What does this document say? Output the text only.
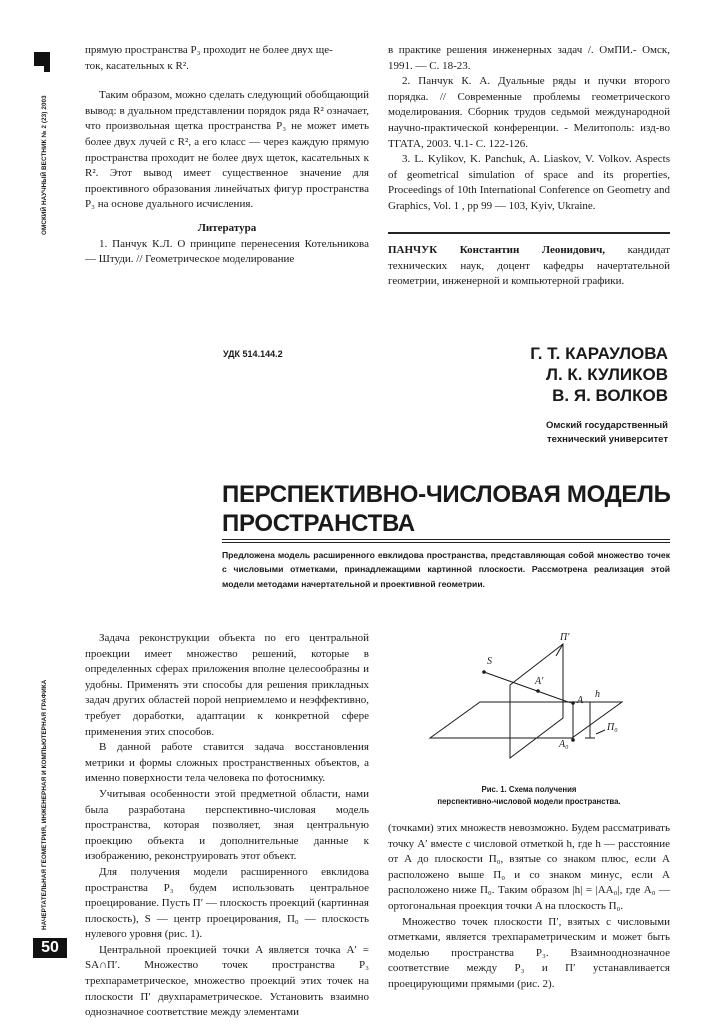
ОМСКИЙ НАУЧНЫЙ ВЕСТНИК № 2 (23) 2003
НАЧЕРТАТЕЛЬНАЯ ГЕОМЕТРИЯ, ИНЖЕНЕРНАЯ И КОМПЬЮТЕРНАЯ ГРАФИКА
50
прямую пространства P₃ проходит не более двух ще-
ток, касательных к R².

Таким образом, можно сделать следующий обобщающий вывод: в дуальном представлении порядок ряда R² означает, что произвольная щетка пространства P₃ не может иметь более двух лучей с R², а его класс — через каждую прямую пространства проходит не более двух щеток, касательных к R². Этот вывод имеет существенное значение для проективного образования линейчатых фигур пространства P₃ на основе дуального исчисления.

Литература

1. Панчук К.Л. О принципе перенесения Котельникова — Штуди. // Геометрическое моделирование

в практике решения инженерных задач /. ОмПИ.- Омск, 1991. — С. 18-23.

2. Панчук К. А. Дуальные ряды и пучки второго порядка. // Современные проблемы геометрического моделирования. Сборник трудов седьмой международной научно-практической конференции. - Мелитополь: изд-во ТГАТА, 2003. Ч.1- С. 122-126.

3. L. Kylikov, K. Panchuk, A. Liaskov, V. Volkov. Aspects of geometrical simulation of space and its properties, Proceedings of 10th International Conference on Geometry and Graphics, Vol. 1 , pp 99 — 103, Kyiv, Ukraine.

ПАНЧУК Константин Леонидович, кандидат технических наук, доцент кафедры начертательной геометрии, инженерной и компьютерной графики.
УДК 514.144.2	Г. Т. КАРАУЛОВА
Л. К. КУЛИКОВ
В. Я. ВОЛКОВ
Омский государственный
технический университет
ПЕРСПЕКТИВНО-ЧИСЛОВАЯ МОДЕЛЬ
ПРОСТРАНСТВА
Предложена модель расширенного евклидова пространства, представляющая собой множество точек с числовыми отметками, принадлежащими картинной плоскости. Рассмотрена реализация этой модели методами начертательной и проективной геометрии.

Задача реконструкции объекта по его центральной проекции имеет множество решений, которые в определенных сферах приложения вполне целесообразны и удобны. Применять эти способы для решения прикладных задач других областей порой неприемлемо и неэффективно, требует доработки, адаптации к конкретной сфере применения этих способов.

В данной работе ставится задача восстановления метрики и формы сложных пространственных объектов, а именно поверхности тела человека по фотоснимку.

Учитывая особенности этой предметной области, нами была разработана перспективно-числовая модель пространства, которая позволяет, зная центральную проекцию объекта и дополнительные данные к изображению, реконструировать этот объект.

Для получения модели расширенного евклидова пространства P₃ будем использовать центральное проецирование. Пусть П′ — плоскость проекций (картинная плоскость), S — центр проецирования, П₀ — плоскость нулевого уровня (рис. 1).

Центральной проекцией точки A является точка A′ = SA∩П′. Множество точек пространства P₃ трехпараметрическое, множество проекций этих точек на плоскости П′ двухпараметрическое. Установить взаимно однозначное соответствие между элементами

S
П′
A′
A
h
A₀
П₀
Рис. 1. Схема получения
перспективно-числовой модели пространства.
(точками) этих множеств невозможно. Будем рассматривать точку A′ вместе с числовой отметкой h, где h — расстояние от A до плоскости П₀, взятые со знаком плюс, если A расположено выше П₀ и со знаком минус, если A расположено ниже П₀. Таким образом |h| = |AA₀|, где A₀ — ортогональная проекция точки A на плоскость П₀.

Множество точек плоскости П′, взятых с числовыми отметками, является трехпараметрическим и может быть моделью пространства P₃. Взаимнооднозначное соответствие между P₃ и П′ устанавливается проецирующими прямыми (рис. 2).
